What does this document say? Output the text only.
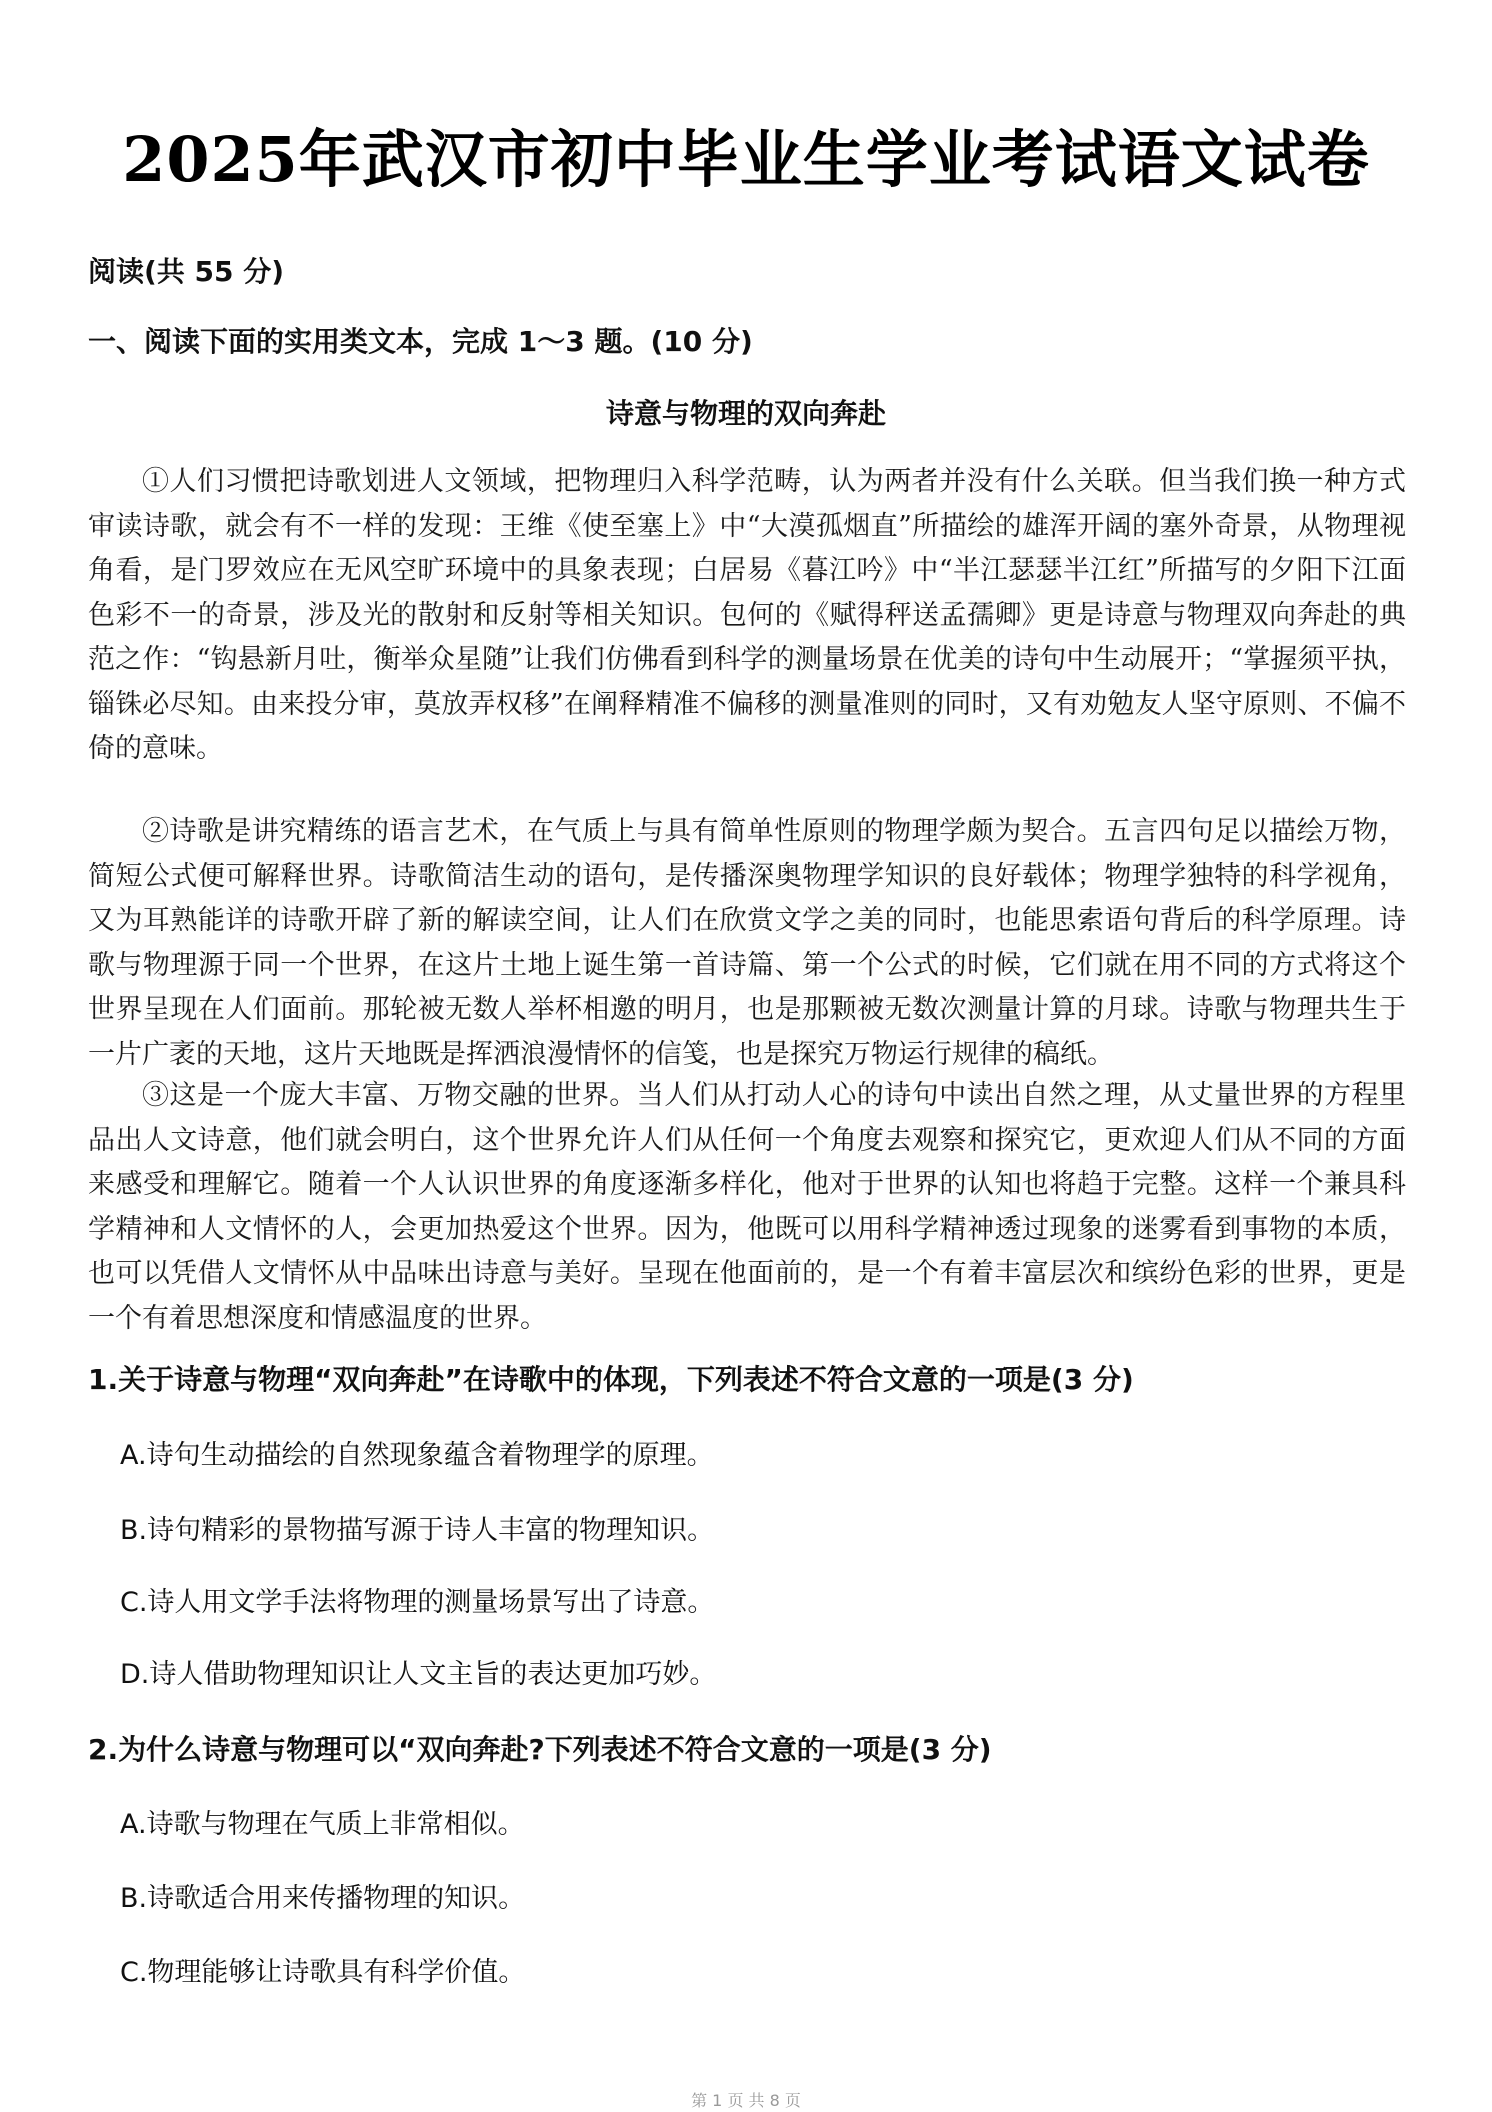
2025年武汉市初中毕业生学业考试语文试卷
阅读(共 55 分)
一、阅读下面的实用类文本，完成 1～3 题。(10 分)
诗意与物理的双向奔赴
①人们习惯把诗歌划进人文领域，把物理归入科学范畴，认为两者并没有什么关联。但当我们换一种方式审读诗歌，就会有不一样的发现：王维《使至塞上》中“大漠孤烟直”所描绘的雄浑开阔的塞外奇景，从物理视角看，是门罗效应在无风空旷环境中的具象表现；白居易《暮江吟》中“半江瑟瑟半江红”所描写的夕阳下江面色彩不一的奇景，涉及光的散射和反射等相关知识。包何的《赋得秤送孟孺卿》更是诗意与物理双向奔赴的典范之作：“钩悬新月吐，衡举众星随”让我们仿佛看到科学的测量场景在优美的诗句中生动展开；“掌握须平执，锱铢必尽知。由来投分审，莫放弄权移”在阐释精准不偏移的测量准则的同时，又有劝勉友人坚守原则、不偏不倚的意味。
②诗歌是讲究精练的语言艺术，在气质上与具有简单性原则的物理学颇为契合。五言四句足以描绘万物，简短公式便可解释世界。诗歌简洁生动的语句，是传播深奥物理学知识的良好载体；物理学独特的科学视角，又为耳熟能详的诗歌开辟了新的解读空间，让人们在欣赏文学之美的同时，也能思索语句背后的科学原理。诗歌与物理源于同一个世界，在这片土地上诞生第一首诗篇、第一个公式的时候，它们就在用不同的方式将这个世界呈现在人们面前。那轮被无数人举杯相邀的明月，也是那颗被无数次测量计算的月球。诗歌与物理共生于一片广袤的天地，这片天地既是挥洒浪漫情怀的信笺，也是探究万物运行规律的稿纸。
③这是一个庞大丰富、万物交融的世界。当人们从打动人心的诗句中读出自然之理，从丈量世界的方程里品出人文诗意，他们就会明白，这个世界允许人们从任何一个角度去观察和探究它，更欢迎人们从不同的方面来感受和理解它。随着一个人认识世界的角度逐渐多样化，他对于世界的认知也将趋于完整。这样一个兼具科学精神和人文情怀的人，会更加热爱这个世界。因为，他既可以用科学精神透过现象的迷雾看到事物的本质，也可以凭借人文情怀从中品味出诗意与美好。呈现在他面前的，是一个有着丰富层次和缤纷色彩的世界，更是一个有着思想深度和情感温度的世界。
1.关于诗意与物理“双向奔赴”在诗歌中的体现，下列表述不符合文意的一项是(3 分)
A.诗句生动描绘的自然现象蕴含着物理学的原理。
B.诗句精彩的景物描写源于诗人丰富的物理知识。
C.诗人用文学手法将物理的测量场景写出了诗意。
D.诗人借助物理知识让人文主旨的表达更加巧妙。
2.为什么诗意与物理可以“双向奔赴?下列表述不符合文意的一项是(3 分)
A.诗歌与物理在气质上非常相似。
B.诗歌适合用来传播物理的知识。
C.物理能够让诗歌具有科学价值。
第 1 页 共 8 页
